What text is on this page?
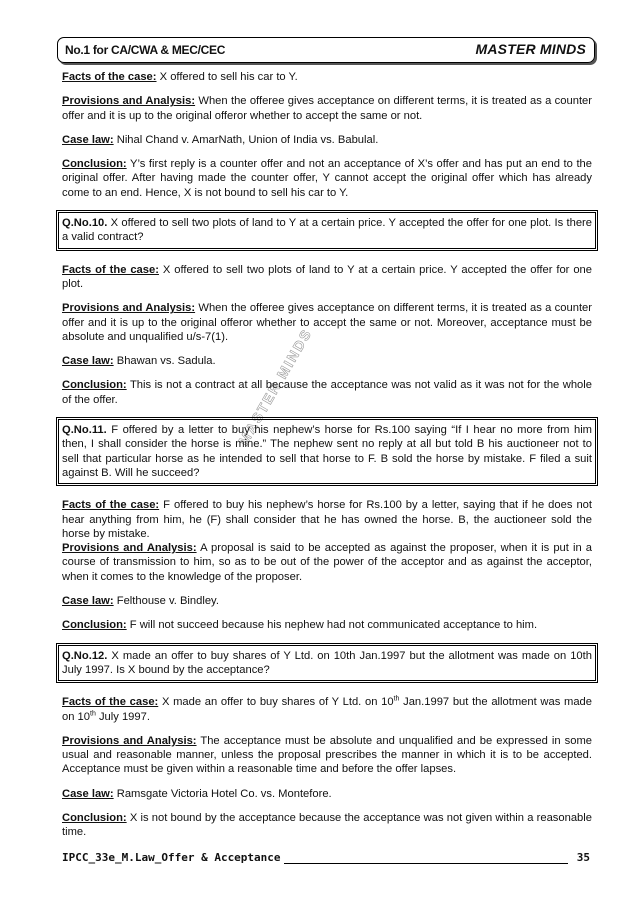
No.1 for CA/CWA & MEC/CEC	MASTER MINDS
MASTER MINDS

Facts of the case: X offered to sell his car to Y.

Provisions and Analysis: When the offeree gives acceptance on different terms, it is treated as a counter offer and it is up to the original offeror whether to accept the same or not.

Case law: Nihal Chand v. AmarNath, Union of India vs. Babulal.

Conclusion: Y’s first reply is a counter offer and not an acceptance of X’s offer and has put an end to the original offer. After having made the counter offer, Y cannot accept the original offer which has already come to an end. Hence, X is not bound to sell his car to Y.

Q.No.10. X offered to sell two plots of land to Y at a certain price. Y accepted the offer for one plot. Is there a valid contract?

Facts of the case: X offered to sell two plots of land to Y at a certain price. Y accepted the offer for one plot.

Provisions and Analysis: When the offeree gives acceptance on different terms, it is treated as a counter offer and it is up to the original offeror whether to accept the same or not. Moreover, acceptance must be absolute and unqualified u/s-7(1).

Case law: Bhawan vs. Sadula.

Conclusion: This is not a contract at all because the acceptance was not valid as it was not for the whole of the offer.

Q.No.11. F offered by a letter to buy his nephew’s horse for Rs.100 saying “If I hear no more from him then, I shall consider the horse is mine.” The nephew sent no reply at all but told B his auctioneer not to sell that particular horse as he intended to sell that horse to F. B sold the horse by mistake. F filed a suit against B. Will he succeed?

Facts of the case: F offered to buy his nephew’s horse for Rs.100 by a letter, saying that if he does not hear anything from him, he (F) shall consider that he has owned the horse. B, the auctioneer sold the horse by mistake.

Provisions and Analysis: A proposal is said to be accepted as against the proposer, when it is put in a course of transmission to him, so as to be out of the power of the acceptor and as against the acceptor, when it comes to the knowledge of the proposer.

Case law: Felthouse v. Bindley.

Conclusion: F will not succeed because his nephew had not communicated acceptance to him.

Q.No.12. X made an offer to buy shares of Y Ltd. on 10th Jan.1997 but the allotment was made on 10th July 1997. Is X bound by the acceptance?

Facts of the case: X made an offer to buy shares of Y Ltd. on 10th Jan.1997 but the allotment was made on 10th July 1997.

Provisions and Analysis: The acceptance must be absolute and unqualified and be expressed in some usual and reasonable manner, unless the proposal prescribes the manner in which it is to be accepted. Acceptance must be given within a reasonable time and before the offer lapses.

Case law: Ramsgate Victoria Hotel Co. vs. Montefore.

Conclusion: X is not bound by the acceptance because the acceptance was not given within a reasonable time.

IPCC_33e_M.Law_Offer & Acceptance	35
